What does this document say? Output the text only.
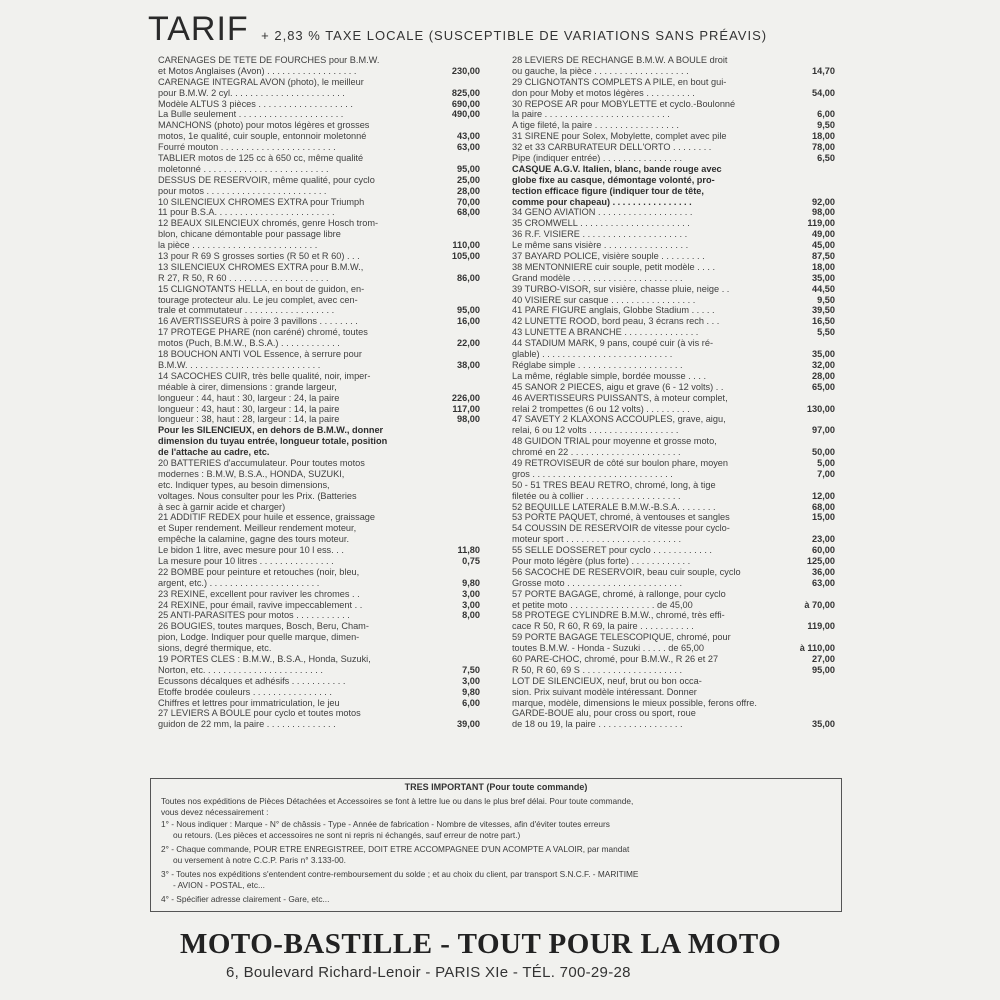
TARIF + 2,83 % TAXE LOCALE (SUSCEPTIBLE DE VARIATIONS SANS PRÉAVIS)
CARENAGES DE TETE DE FOURCHES pour B.M.W.
et Motos Anglaises (Avon) . . . . . . . . . . . . . . . . . .	230,00
CARENAGE INTEGRAL AVON (photo), le meilleur
pour B.M.W. 2 cyl. . . . . . . . . . . . . . . . . . . . . . .	825,00
Modèle ALTUS 3 pièces . . . . . . . . . . . . . . . . . . .	690,00
La Bulle seulement . . . . . . . . . . . . . . . . . . . . .	490,00
MANCHONS (photo) pour motos légères et grosses
motos, 1e qualité, cuir souple, entonnoir moletonné	43,00
Fourré mouton . . . . . . . . . . . . . . . . . . . . . . .	63,00
TABLIER motos de 125 cc à 650 cc, même qualité
moletonné . . . . . . . . . . . . . . . . . . . . . . . . .	95,00
DESSUS DE RESERVOIR, même qualité, pour cyclo	25,00
pour motos . . . . . . . . . . . . . . . . . . . . . . . .	28,00
10 SILENCIEUX CHROMES EXTRA pour Triumph	70,00
11 pour B.S.A. . . . . . . . . . . . . . . . . . . . . . . .	68,00
12 BEAUX SILENCIEUX chromés, genre Hosch trom-
blon, chicane démontable pour passage libre
la pièce . . . . . . . . . . . . . . . . . . . . . . . . .	110,00
13 pour R 69 S grosses sorties (R 50 et R 60) . . .	105,00
13 SILENCIEUX CHROMES EXTRA pour B.M.W.,
R 27, R 50, R 60 . . . . . . . . . . . . . . . . . . . .	86,00
15 CLIGNOTANTS HELLA, en bout de guidon, en-
tourage protecteur alu. Le jeu complet, avec cen-
trale et commutateur . . . . . . . . . . . . . . . . . .	95,00
16 AVERTISSEURS à poire 3 pavillons . . . . . . . .	16,00
17 PROTEGE PHARE (non caréné) chromé, toutes
motos (Puch, B.M.W., B.S.A.) . . . . . . . . . . . .	22,00
18 BOUCHON ANTI VOL Essence, à serrure pour
B.M.W. . . . . . . . . . . . . . . . . . . . . . . . . . .	38,00
14 SACOCHES CUIR, très belle qualité, noir, imper-
méable à cirer, dimensions : grande largeur,
longueur : 44, haut : 30, largeur : 24, la paire	226,00
longueur : 43, haut : 30, largeur : 14, la paire	117,00
longueur : 38, haut : 28, largeur : 14, la paire	98,00
Pour les SILENCIEUX, en dehors de B.M.W., donner
dimension du tuyau entrée, longueur totale, position
de l'attache au cadre, etc.
20 BATTERIES d'accumulateur. Pour toutes motos
modernes : B.M.W, B.S.A., HONDA, SUZUKI,
etc. Indiquer types, au besoin dimensions,
voltages. Nous consulter pour les Prix. (Batteries
à sec à garnir acide et charger)
21 ADDITIF REDEX pour huile et essence, graissage
et Super rendement. Meilleur rendement moteur,
empêche la calamine, gagne des tours moteur.
Le bidon 1 litre, avec mesure pour 10 l ess. . .	11,80
La mesure pour 10 litres . . . . . . . . . . . . . . .	0,75
22 BOMBE pour peinture et retouches (noir, bleu,
argent, etc.) . . . . . . . . . . . . . . . . . . . . . .	9,80
23 REXINE, excellent pour raviver les chromes . .	3,00
24 REXINE, pour émail, ravive impeccablement . .	3,00
25 ANTI-PARASITES pour motos . . . . . . . . . . .	8,00
26 BOUGIES, toutes marques, Bosch, Beru, Cham-
pion, Lodge. Indiquer pour quelle marque, dimen-
sions, degré thermique, etc.
19 PORTES CLES : B.M.W., B.S.A., Honda, Suzuki,
Norton, etc. . . . . . . . . . . . . . . . . . . . . . . .	7,50
Ecussons décalques et adhésifs . . . . . . . . . . .	3,00
Etoffe brodée couleurs . . . . . . . . . . . . . . . .	9,80
Chiffres et lettres pour immatriculation, le jeu	6,00
27 LEVIERS A BOULE pour cyclo et toutes motos
guidon de 22 mm, la paire . . . . . . . . . . . . . .	39,00
28 LEVIERS DE RECHANGE B.M.W. A BOULE droit
ou gauche, la pièce . . . . . . . . . . . . . . . . . . .	14,70
29 CLIGNOTANTS COMPLETS A PILE, en bout gui-
don pour Moby et motos légères . . . . . . . . . .	54,00
30 REPOSE AR pour MOBYLETTE et cyclo.-Boulonné
la paire . . . . . . . . . . . . . . . . . . . . . . . . .	6,00
A tige fileté, la paire . . . . . . . . . . . . . . . . .	9,50
31 SIRENE pour Solex, Mobylette, complet avec pile	18,00
32 et 33 CARBURATEUR DELL'ORTO . . . . . . . .	78,00
Pipe (indiquer entrée) . . . . . . . . . . . . . . . .	6,50
CASQUE A.G.V. Italien, blanc, bande rouge avec
globe fixe au casque, démontage volonté, pro-
tection efficace figure (indiquer tour de tête,
comme pour chapeau) . . . . . . . . . . . . . . . .	92,00
34 GENO AVIATION . . . . . . . . . . . . . . . . . . .	98,00
35 CROMWELL . . . . . . . . . . . . . . . . . . . . . .	119,00
36 R.F. VISIERE . . . . . . . . . . . . . . . . . . . . .	49,00
Le même sans visière . . . . . . . . . . . . . . . . .	45,00
37 BAYARD POLICE, visière souple . . . . . . . . .	87,50
38 MENTONNIERE cuir souple, petit modèle . . . .	18,00
Grand modèle . . . . . . . . . . . . . . . . . . . . . .	35,00
39 TURBO-VISOR, sur visière, chasse pluie, neige . .	44,50
40 VISIERE sur casque . . . . . . . . . . . . . . . . .	9,50
41 PARE FIGURE anglais, Globbe Stadium . . . . .	39,50
42 LUNETTE ROOD, bord peau, 3 écrans rech . . .	16,50
43 LUNETTE A BRANCHE . . . . . . . . . . . . . . .	5,50
44 STADIUM MARK, 9 pans, coupé cuir (à vis ré-
glable) . . . . . . . . . . . . . . . . . . . . . . . . . .	35,00
Réglabe simple . . . . . . . . . . . . . . . . . . . . .	32,00
La même, réglable simple, bordée mousse . . . .	28,00
45 SANOR 2 PIECES, aigu et grave (6 - 12 volts) . .	65,00
46 AVERTISSEURS PUISSANTS, à moteur complet,
relai 2 trompettes (6 ou 12 volts) . . . . . . . . .	130,00
47 SAVETY 2 KLAXONS ACCOUPLES, grave, aigu,
relai, 6 ou 12 volts . . . . . . . . . . . . . . . . . .	97,00
48 GUIDON TRIAL pour moyenne et grosse moto,
chromé en 22 . . . . . . . . . . . . . . . . . . . . . .	50,00
49 RETROVISEUR de côté sur boulon phare, moyen	5,00
gros . . . . . . . . . . . . . . . . . . . . . . . . . . . .	7,00
50 - 51 TRES BEAU RETRO, chromé, long, à tige
filetée ou à collier . . . . . . . . . . . . . . . . . . .	12,00
52 BEQUILLE LATERALE B.M.W.-B.S.A. . . . . . . .	68,00
53 PORTE PAQUET, chromé, à ventouses et sangles	15,00
54 COUSSIN DE RESERVOIR de vitesse pour cyclo-
moteur sport . . . . . . . . . . . . . . . . . . . . . . .	23,00
55 SELLE DOSSERET pour cyclo . . . . . . . . . . . .	60,00
Pour moto légère (plus forte) . . . . . . . . . . . .	125,00
56 SACOCHE DE RESERVOIR, beau cuir souple, cyclo	36,00
Grosse moto . . . . . . . . . . . . . . . . . . . . . . .	63,00
57 PORTE BAGAGE, chromé, à rallonge, pour cyclo
et petite moto . . . . . . . . . . . . . . . . . de 45,00	à 70,00
58 PROTEGE CYLINDRE B.M.W., chromé, très effi-
cace R 50, R 60, R 69, la paire . . . . . . . . . . .	119,00
59 PORTE BAGAGE TELESCOPIQUE, chromé, pour
toutes B.M.W. - Honda - Suzuki . . . . . de 65,00	à 110,00
60 PARE-CHOC, chromé, pour B.M.W., R 26 et 27	27,00
R 50, R 60, 69 S . . . . . . . . . . . . . . . . . . . .	95,00
LOT DE SILENCIEUX, neuf, brut ou bon occa-
sion. Prix suivant modèle intéressant. Donner
marque, modèle, dimensions le mieux possible, ferons offre.
GARDE-BOUE alu, pour cross ou sport, roue
de 18 ou 19, la paire . . . . . . . . . . . . . . . . .	35,00
TRES IMPORTANT (Pour toute commande)
Toutes nos expéditions de Pièces Détachées et Accessoires se font à lettre lue ou dans le plus bref délai. Pour toute commande,
vous devez nécessairement :
1° - Nous indiquer : Marque - N° de châssis - Type - Année de fabrication - Nombre de vitesses, afin d'éviter toutes erreurs
ou retours. (Les pièces et accessoires ne sont ni repris ni échangés, sauf erreur de notre part.)
2° - Chaque commande, POUR ETRE ENREGISTREE, DOIT ETRE ACCOMPAGNEE D'UN ACOMPTE A VALOIR, par mandat
ou versement à notre C.C.P. Paris n° 3.133-00.
3° - Toutes nos expéditions s'entendent contre-remboursement du solde ; et au choix du client, par transport S.N.C.F. - MARITIME
- AVION - POSTAL, etc...
4° - Spécifier adresse clairement - Gare, etc...
MOTO-BASTILLE - TOUT POUR LA MOTO
6, Boulevard Richard-Lenoir - PARIS XIe - TÉL. 700-29-28
